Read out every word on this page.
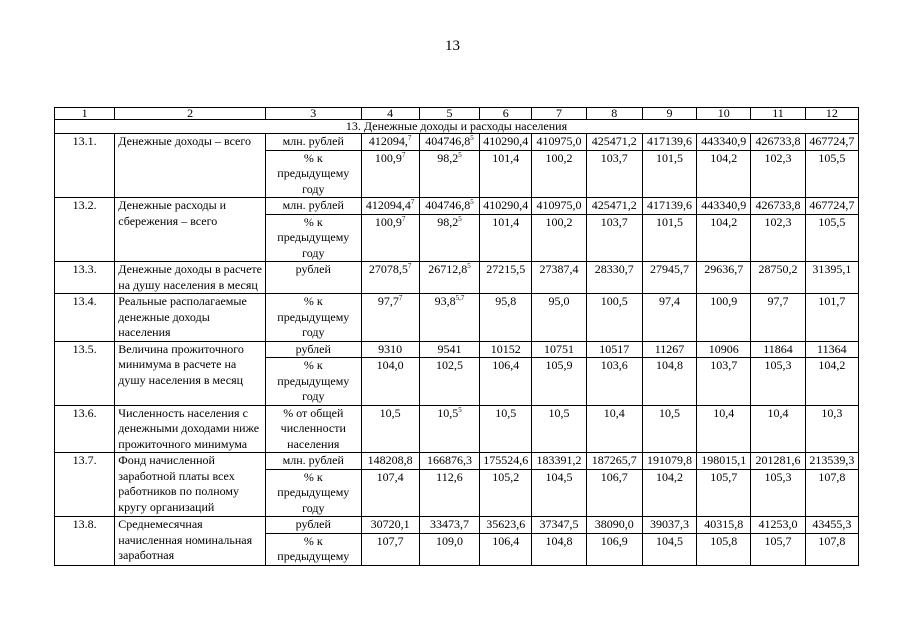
13
1	2	3	4	5	6	7	8	9	10	11	12
13. Денежные доходы и расходы населения											
13.1.	Денежные доходы – всего	млн. рублей	412094,$^7$	404746,8$^5$	410290,4	410975,0	425471,2	417139,6	443340,9	426733,8	467724,7
		% к предыдущему году	100,9$^7$	98,2$^5$	101,4	100,2	103,7	101,5	104,2	102,3	105,5
13.2.	Денежные расходы и сбережения – всего	млн. рублей	412094,4$^7$	404746,8$^5$	410290,4	410975,0	425471,2	417139,6	443340,9	426733,8	467724,7
		% к предыдущему году	100,9$^7$	98,2$^5$	101,4	100,2	103,7	101,5	104,2	102,3	105,5
13.3.	Денежные доходы в расчете на душу населения в месяц	рублей	27078,5$^7$	26712,8$^5$	27215,5	27387,4	28330,7	27945,7	29636,7	28750,2	31395,1
13.4.	Реальные располагаемые денежные доходы населения	% к предыдущему году	97,7$^7$	93,8$^{5,7}$	95,8	95,0	100,5	97,4	100,9	97,7	101,7
13.5.	Величина прожиточного минимума в расчете на душу населения в месяц	рублей	9310	9541	10152	10751	10517	11267	10906	11864	11364
		% к предыдущему году	104,0	102,5	106,4	105,9	103,6	104,8	103,7	105,3	104,2
13.6.	Численность населения с денежными доходами ниже прожиточного минимума	% от общей численности населения	10,5	10,5$^5$	10,5	10,5	10,4	10,5	10,4	10,4	10,3
13.7.	Фонд начисленной заработной платы всех работников по полному кругу организаций	млн. рублей	148208,8	166876,3	175524,6	183391,2	187265,7	191079,8	198015,1	201281,6	213539,3
		% к предыдущему году	107,4	112,6	105,2	104,5	106,7	104,2	105,7	105,3	107,8
13.8.	Среднемесячная начисленная номинальная заработная	рублей	30720,1	33473,7	35623,6	37347,5	38090,0	39037,3	40315,8	41253,0	43455,3
		% к предыдущему	107,7	109,0	106,4	104,8	106,9	104,5	105,8	105,7	107,8
